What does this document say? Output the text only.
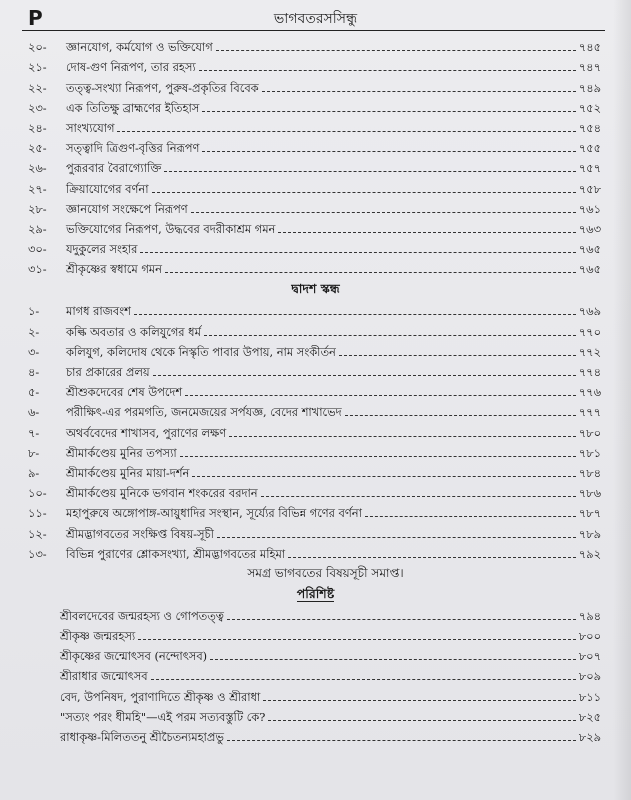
P	ভাগবতরসসিন্ধু
২০-	জ্ঞানযোগ, কর্মযোগ ও ভক্তিযোগ	৭৪৫
২১-	দোষ-গুণ নিরূপণ, তার রহস্য	৭৪৭
২২-	তত্ত্ব-সংখ্যা নিরূপণ, পুরুষ-প্রকৃতির বিবেক	৭৪৯
২৩-	এক তিতিক্ষু ব্রাহ্মণের ইতিহাস	৭৫২
২৪-	সাংখ্যযোগ	৭৫৪
২৫-	সত্ত্বাদি ত্রিগুণ-বৃত্তির নিরূপণ	৭৫৫
২৬-	পুরূরবার বৈরাগ্যোক্তি	৭৫৭
২৭-	ক্রিয়াযোগের বর্ণনা	৭৫৮
২৮-	জ্ঞানযোগ সংক্ষেপে নিরূপণ	৭৬১
২৯-	ভক্তিযোগের নিরূপণ, উদ্ধবের বদরীকাশ্রম গমন	৭৬৩
৩০-	যদুকুলের সংহার	৭৬৫
৩১-	শ্রীকৃষ্ণের স্বধামে গমন	৭৬৫
দ্বাদশ স্কন্ধ
১-	মাগধ রাজবংশ	৭৬৯
২-	কল্কি অবতার ও কলিযুগের ধর্ম	৭৭০
৩-	কলিযুগ, কলিদোষ থেকে নিস্কৃতি পাবার উপায়, নাম সংকীর্তন	৭৭২
৪-	চার প্রকারের প্রলয়	৭৭৪
৫-	শ্রীশুকদেবের শেষ উপদেশ	৭৭৬
৬-	পরীক্ষিৎ-এর পরমগতি, জনমেজয়ের সর্পযজ্ঞ, বেদের শাখাভেদ	৭৭৭
৭-	অথর্ববেদের শাখাসব, পুরাণের লক্ষণ	৭৮০
৮-	শ্রীমার্কণ্ডেয় মুনির তপস্যা	৭৮১
৯-	শ্রীমার্কণ্ডেয় মুনির মায়া-দর্শন	৭৮৪
১০-	শ্রীমার্কণ্ডেয় মুনিকে ভগবান শংকরের বরদান	৭৮৬
১১-	মহাপুরুষে অঙ্গোপাঙ্গ-আয়ুধাদির সংস্থান, সূর্য্যের বিভিন্ন গণের বর্ণনা	৭৮৭
১২-	শ্রীমদ্ভাগবতের সংক্ষিপ্ত বিষয়-সূচী	৭৮৯
১৩-	বিভিন্ন পুরাণের শ্লোকসংখ্যা, শ্রীমদ্ভাগবতের মহিমা	৭৯২
সমগ্র ভাগবতের বিষয়সূচী সমাপ্ত।
পরিশিষ্ট
শ্রীবলদেবের জন্মরহস্য ও গোপতত্ত্ব	৭৯৪
শ্রীকৃষ্ণ জন্মরহস্য	৮০০
শ্রীকৃষ্ণের জন্মোৎসব (নন্দোৎসব)	৮০৭
শ্রীরাধার জন্মোৎসব	৮০৯
বেদ, উপনিষদ, পুরাণাদিতে শ্রীকৃষ্ণ ও শ্রীরাধা	৮১১
"সত্যং পরং ধীমহি"—এই পরম সত্যবস্তুটি কে?	৮২৫
রাধাকৃষ্ণ-মিলিততনু শ্রীচৈতন্যমহাপ্রভু	৮২৯
